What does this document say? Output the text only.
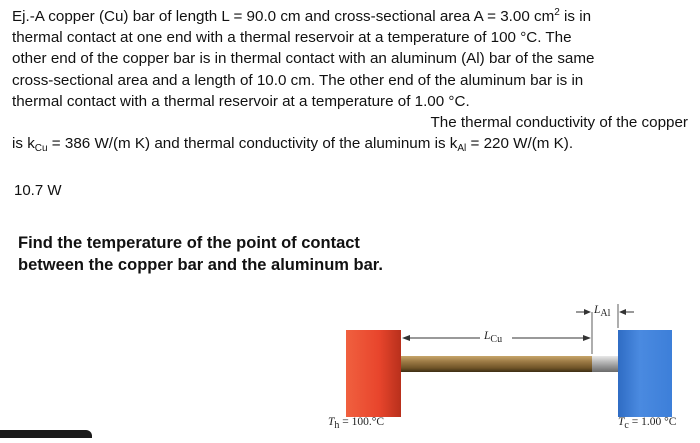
Ej.-A copper (Cu) bar of length L = 90.0 cm and cross-sectional area A = 3.00 $cm^2$ is in
thermal contact at one end with a thermal reservoir at a temperature of 100 °C. The
other end of the copper bar is in thermal contact with an aluminum (Al) bar of the same
cross-sectional area and a length of 10.0 cm. The other end of the aluminum bar is in
thermal contact with a thermal reservoir at a temperature of 1.00 °C.
The thermal conductivity of the copper
is $k_{Cu} = 386$ W/(m K) and thermal conductivity of the aluminum is $k_{Al} = 220$ W/(m K).
10.7 W
Find the temperature of the point of contact
between the copper bar and the aluminum bar.
$L_{Cu}$
$L_{Al}$
$T_h = 100.^\circ C$	$T_c = 1.00$ °C
